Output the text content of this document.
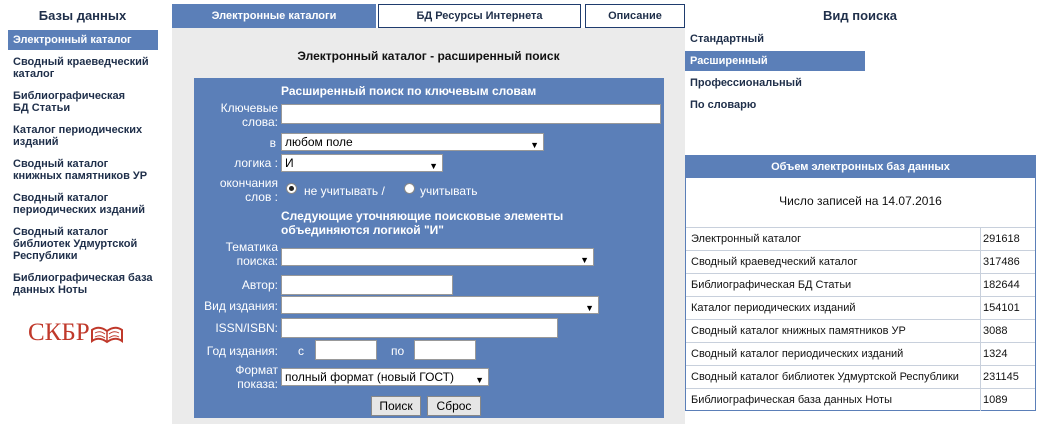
Базы данных
Электронный каталог
Сводный краеведческий каталог
Библиографическая БД Статьи
Каталог периодических изданий
Сводный каталог книжных памятников УР
Сводный каталог периодических изданий
Сводный каталог библиотек Удмуртской Республики
Библиографическая база данных Ноты
СКБР
Электронные каталоги	БД Ресурсы Интернета	Описание
Электронный каталог - расширенный поиск
Расширенный поиск по ключевым словам
Ключевые слова:
в любом поле	▼
логика : И	▼
окончания слов : не учитывать /	учитывать
Следующие уточняющие поисковые элементы объединяются логикой "И"
Тематика поиска:	▼
Автор:
Вид издания:	▼
ISSN/ISBN:
Год издания: с	по
Формат показа: полный формат (новый ГОСТ) ▼
Поиск	Сброс
Вид поиска
Стандартный
Расширенный
Профессиональный
По словарю
Объем электронных баз данных
Число записей на 14.07.2016
Электронный каталог	291618
Сводный краеведческий каталог	317486
Библиографическая БД Статьи	182644
Каталог периодических изданий	154101
Сводный каталог книжных памятников УР	3088
Сводный каталог периодических изданий	1324
Сводный каталог библиотек Удмуртской Республики 231145
Библиографическая база данных Ноты	1089
